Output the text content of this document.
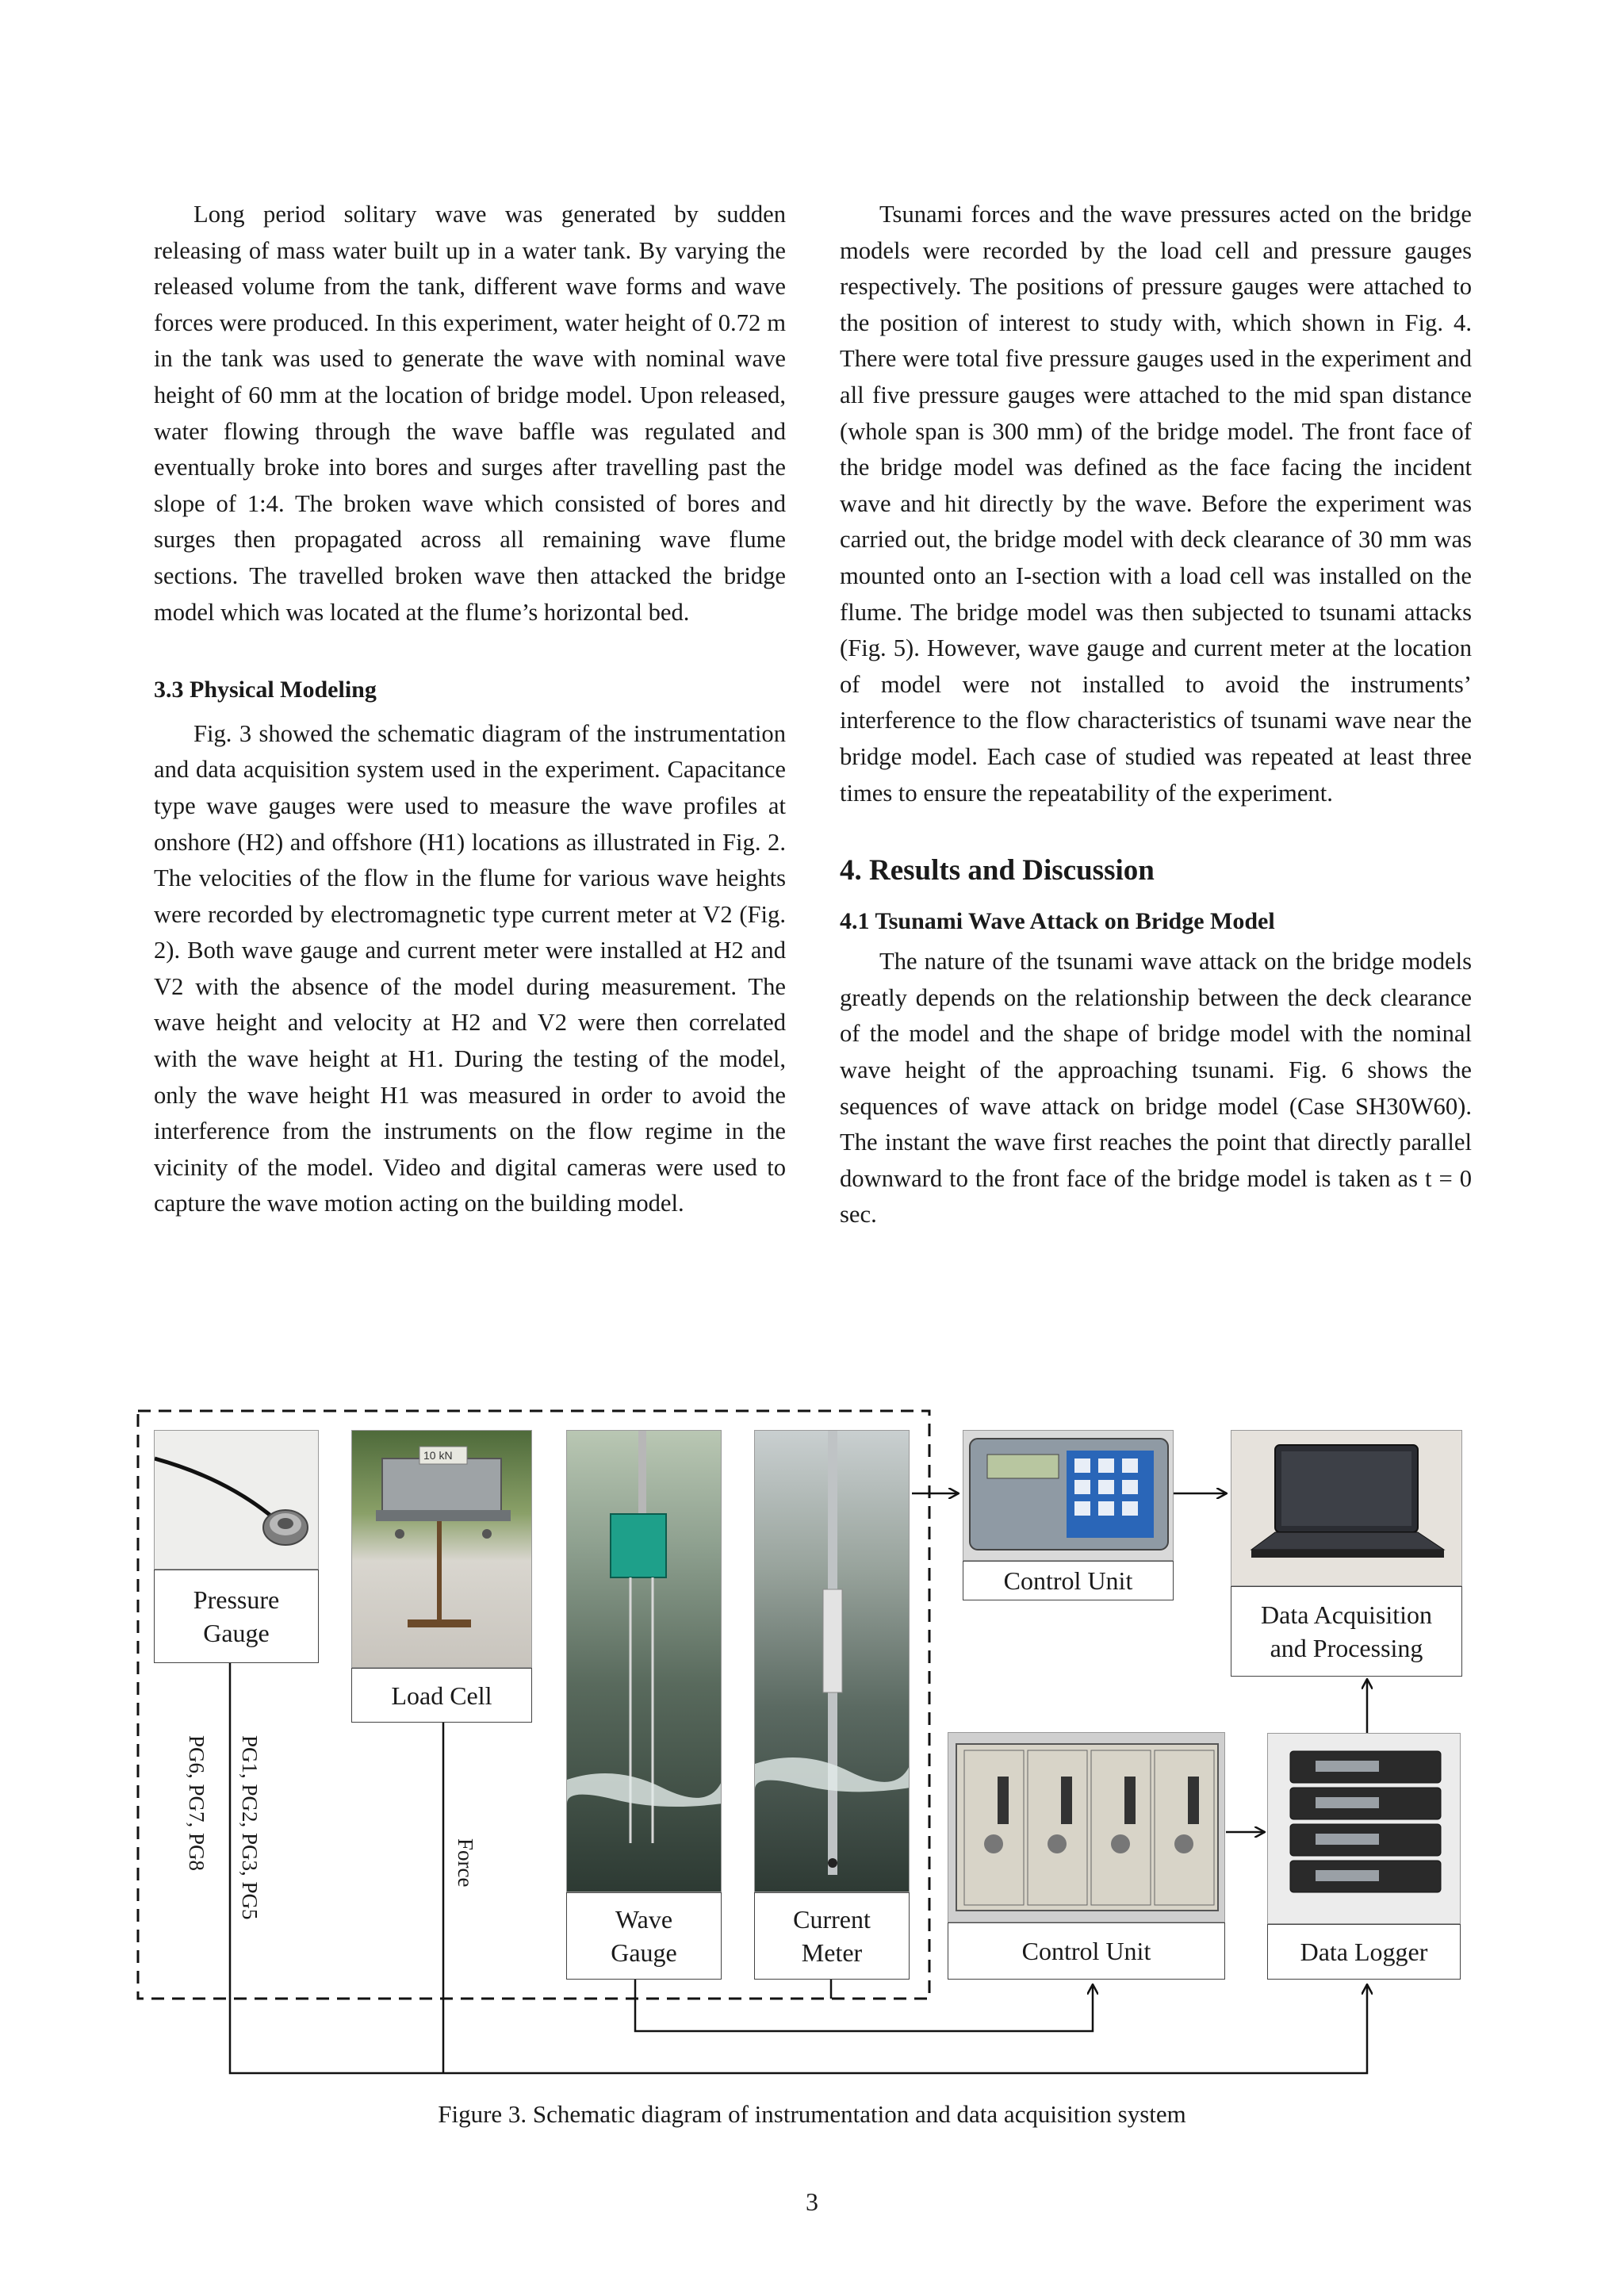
Long period solitary wave was generated by sudden releasing of mass water built up in a water tank. By varying the released volume from the tank, different wave forms and wave forces were produced. In this experiment, water height of 0.72 m in the tank was used to generate the wave with nominal wave height of 60 mm at the location of bridge model. Upon released, water flowing through the wave baffle was regulated and eventually broke into bores and surges after travelling past the slope of 1:4. The broken wave which consisted of bores and surges then propagated across all remaining wave flume sections. The travelled broken wave then attacked the bridge model which was located at the flume’s horizontal bed.

3.3 Physical Modeling

Fig. 3 showed the schematic diagram of the instrumentation and data acquisition system used in the experiment. Capacitance type wave gauges were used to measure the wave profiles at onshore (H2) and offshore (H1) locations as illustrated in Fig. 2. The velocities of the flow in the flume for various wave heights were recorded by electromagnetic type current meter at V2 (Fig. 2). Both wave gauge and current meter were installed at H2 and V2 with the absence of the model during measurement. The wave height and velocity at H2 and V2 were then correlated with the wave height at H1. During the testing of the model, only the wave height H1 was measured in order to avoid the interference from the instruments on the flow regime in the vicinity of the model. Video and digital cameras were used to capture the wave motion acting on the building model.

Tsunami forces and the wave pressures acted on the bridge models were recorded by the load cell and pressure gauges respectively. The positions of pressure gauges were attached to the position of interest to study with, which shown in Fig. 4. There were total five pressure gauges used in the experiment and all five pressure gauges were attached to the mid span distance (whole span is 300 mm) of the bridge model. The front face of the bridge model was defined as the face facing the incident wave and hit directly by the wave. Before the experiment was carried out, the bridge model with deck clearance of 30 mm was mounted onto an I-section with a load cell was installed on the flume. The bridge model was then subjected to tsunami attacks (Fig. 5). However, wave gauge and current meter at the location of model were not installed to avoid the instruments’ interference to the flow characteristics of tsunami wave near the bridge model. Each case of studied was repeated at least three times to ensure the repeatability of the experiment.

4. Results and Discussion
4.1 Tsunami Wave Attack on Bridge Model

The nature of the tsunami wave attack on the bridge models greatly depends on the relationship between the deck clearance of the model and the shape of bridge model with the nominal wave height of the approaching tsunami. Fig. 6 shows the sequences of wave attack on bridge model (Case SH30W60). The instant the wave first reaches the point that directly parallel downward to the front face of the bridge model is taken as t = 0 sec.

Pressure Gauge
10 kN
Load Cell
Wave Gauge
Current Meter
PG6, PG7, PG8 PG1, PG2, PG3, PG5	Force
Control Unit
Data Acquisition and Processing
Control Unit	Data Logger
Figure 3. Schematic diagram of instrumentation and data acquisition system
3
